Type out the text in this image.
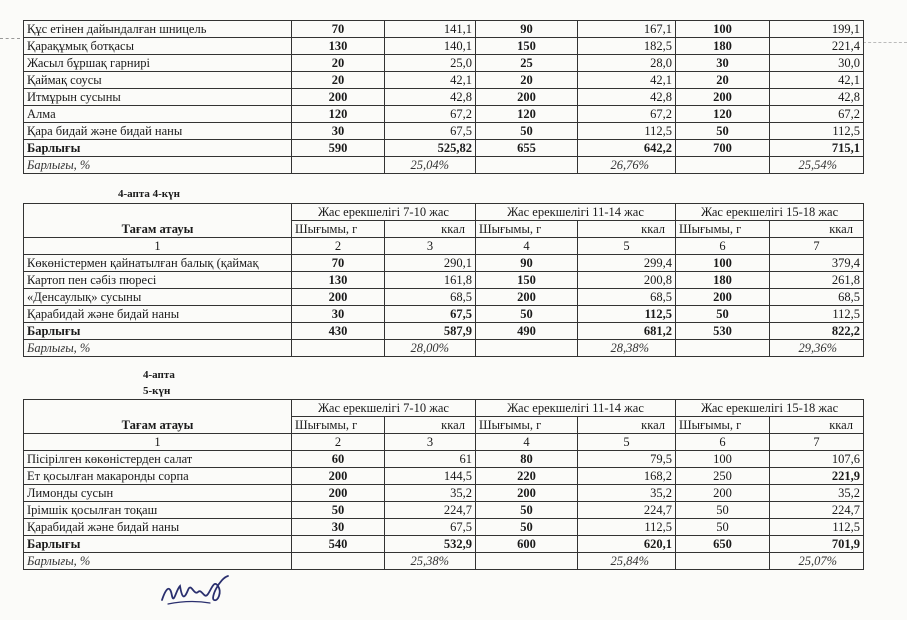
Құс етінен дайындалған шницель	70	141,1	90	167,1	100	199,1
Қарақұмық ботқасы	130	140,1	150	182,5	180	221,4
Жасыл бұршақ гарнирі	20	25,0	25	28,0	30	30,0
Қаймақ соусы	20	42,1	20	42,1	20	42,1
Итмұрын сусыны	200	42,8	200	42,8	200	42,8
Алма	120	67,2	120	67,2	120	67,2
Қара бидай және бидай наны	30	67,5	50	112,5	50	112,5
Барлығы	590	525,82	655	642,2	700	715,1
Барлығы, %		25,04%		26,76%		25,54%
4-апта 4-күн
Тағам атауы	Жас ерекшелігі 7-10 жас		Жас ерекшелігі 11-14 жас		Жас ерекшелігі 15-18 жас	
	Шығымы, г	ккал	Шығымы, г	ккал	Шығымы, г	ккал
1	2	3	4	5	6	7
Көкөністермен қайнатылған балық (қаймақ	70	290,1	90	299,4	100	379,4
Картоп пен сәбіз пюресі	130	161,8	150	200,8	180	261,8
«Денсаулық» сусыны	200	68,5	200	68,5	200	68,5
Қарабидай және бидай наны	30	67,5	50	112,5	50	112,5
Барлығы	430	587,9	490	681,2	530	822,2
Барлығы, %		28,00%		28,38%		29,36%
4-апта
5-күн
Тағам атауы	Жас ерекшелігі 7-10 жас		Жас ерекшелігі 11-14 жас		Жас ерекшелігі 15-18 жас	
	Шығымы, г	ккал	Шығымы, г	ккал	Шығымы, г	ккал
1	2	3	4	5	6	7
Пісірілген көкөністерден салат	60	61	80	79,5	100	107,6
Ет қосылған макаронды сорпа	200	144,5	220	168,2	250	221,9
Лимонды сусын	200	35,2	200	35,2	200	35,2
Ірімшік қосылған тоқаш	50	224,7	50	224,7	50	224,7
Қарабидай және бидай наны	30	67,5	50	112,5	50	112,5
Барлығы	540	532,9	600	620,1	650	701,9
Барлығы, %		25,38%		25,84%		25,07%
